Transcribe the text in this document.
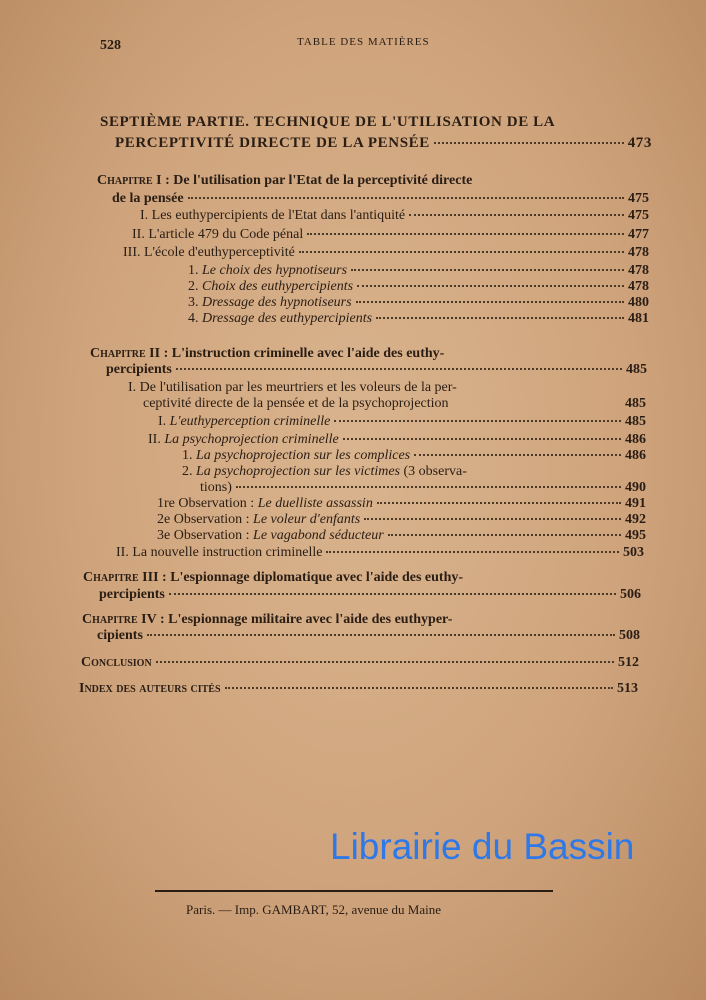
528	TABLE DES MATIÈRES
SEPTIÈME PARTIE. TECHNIQUE DE L'UTILISATION DE LA
PERCEPTIVITÉ DIRECTE DE LA PENSÉE	473
Chapitre I : De l'utilisation par l'Etat de la perceptivité directe
de la pensée	475
I. Les euthypercipients de l'Etat dans l'antiquité	475
II. L'article 479 du Code pénal	477
III. L'école d'euthyperceptivité	478
1. Le choix des hypnotiseurs	478
2. Choix des euthypercipients	478
3. Dressage des hypnotiseurs	480
4. Dressage des euthypercipients	481
Chapitre II : L'instruction criminelle avec l'aide des euthy-
percipients	485
I. De l'utilisation par les meurtriers et les voleurs de la per-
ceptivité directe de la pensée et de la psychoprojection	485
I. L'euthyperception criminelle	485
II. La psychoprojection criminelle	486
1. La psychoprojection sur les complices	486
2. La psychoprojection sur les victimes (3 observa-
tions)	490
1re Observation : Le duelliste assassin	491
2e Observation : Le voleur d'enfants	492
3e Observation : Le vagabond séducteur	495
II. La nouvelle instruction criminelle	503
Chapitre III : L'espionnage diplomatique avec l'aide des euthy-
percipients	506
Chapitre IV : L'espionnage militaire avec l'aide des euthyper-
cipients	508
Conclusion	512
Index des auteurs cités	513
Librairie du Bassin
Paris. — Imp. GAMBART, 52, avenue du Maine
